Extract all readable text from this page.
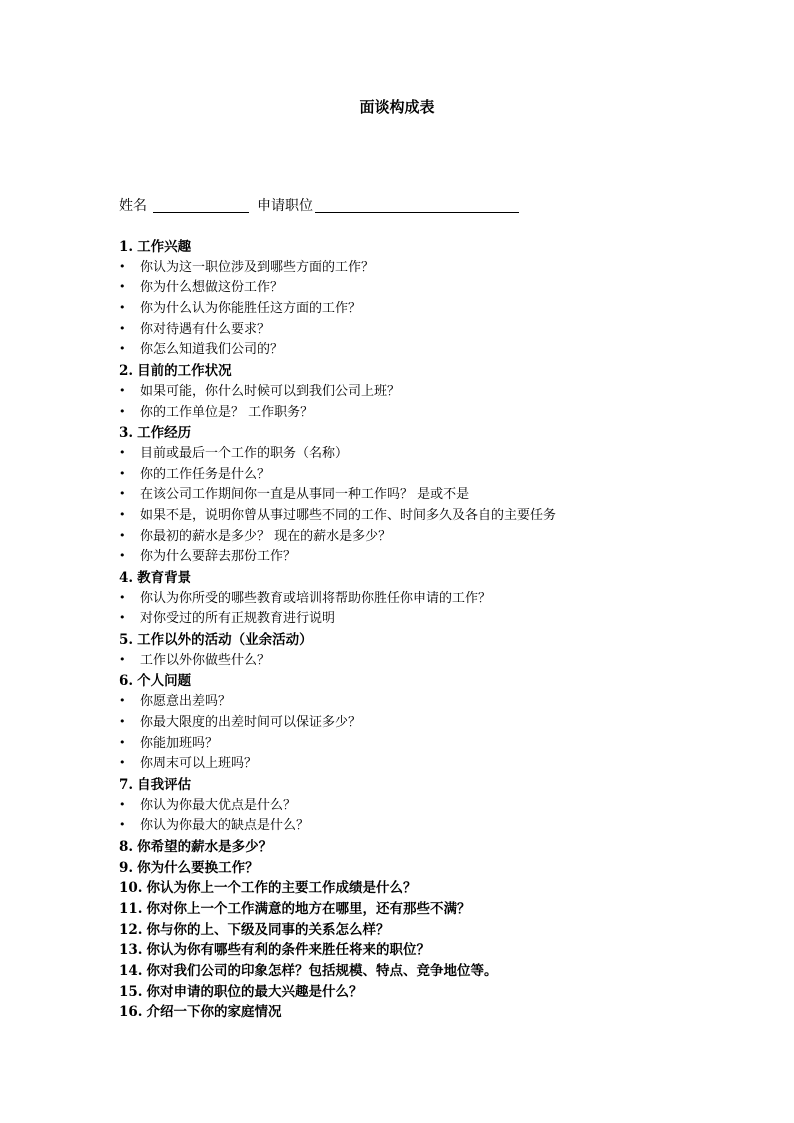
面谈构成表
姓名	申请职位
1. 工作兴趣
• 你认为这一职位涉及到哪些方面的工作？
• 你为什么想做这份工作？
• 你为什么认为你能胜任这方面的工作？
• 你对待遇有什么要求？
• 你怎么知道我们公司的？
2. 目前的工作状况
• 如果可能，你什么时候可以到我们公司上班？
• 你的工作单位是？ 工作职务？
3. 工作经历
• 目前或最后一个工作的职务（名称）
• 你的工作任务是什么？
• 在该公司工作期间你一直是从事同一种工作吗？ 是或不是
• 如果不是，说明你曾从事过哪些不同的工作、时间多久及各自的主要任务
• 你最初的薪水是多少？ 现在的薪水是多少？
• 你为什么要辞去那份工作？
4. 教育背景
• 你认为你所受的哪些教育或培训将帮助你胜任你申请的工作？
• 对你受过的所有正规教育进行说明
5. 工作以外的活动（业余活动）
• 工作以外你做些什么？
6. 个人问题
• 你愿意出差吗？
• 你最大限度的出差时间可以保证多少？
• 你能加班吗？
• 你周末可以上班吗？
7. 自我评估
• 你认为你最大优点是什么？
• 你认为你最大的缺点是什么？
8. 你希望的薪水是多少？
9. 你为什么要换工作？
10. 你认为你上一个工作的主要工作成绩是什么？
11. 你对你上一个工作满意的地方在哪里，还有那些不满？
12. 你与你的上、下级及同事的关系怎么样？
13. 你认为你有哪些有利的条件来胜任将来的职位？
14. 你对我们公司的印象怎样？包括规模、特点、竞争地位等。
15. 你对申请的职位的最大兴趣是什么？
16. 介绍一下你的家庭情况
